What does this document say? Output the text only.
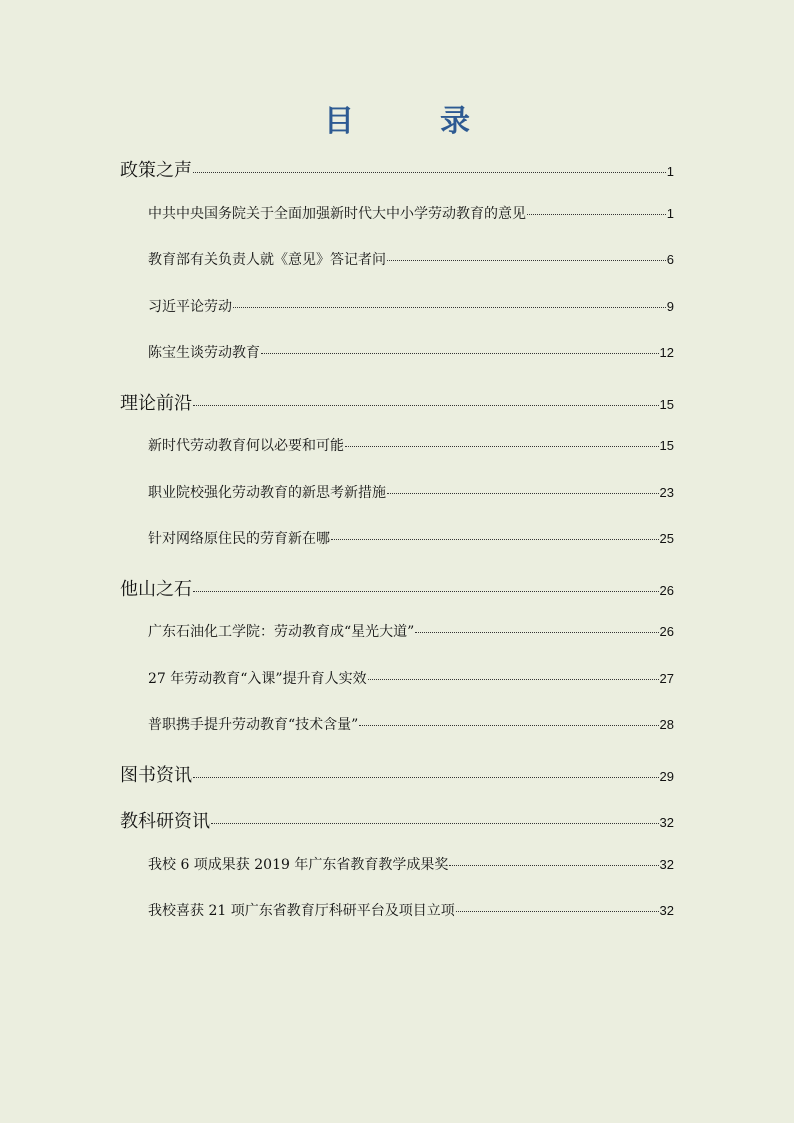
目　录
政策之声	1
中共中央国务院关于全面加强新时代大中小学劳动教育的意见	1
教育部有关负责人就《意见》答记者问	6
习近平论劳动	9
陈宝生谈劳动教育	12
理论前沿	15
新时代劳动教育何以必要和可能	15
职业院校强化劳动教育的新思考新措施	23
针对网络原住民的劳育新在哪	25
他山之石	26
广东石油化工学院：劳动教育成“星光大道”	26
27 年劳动教育“入课”提升育人实效	27
普职携手提升劳动教育“技术含量”	28
图书资讯	29
教科研资讯	32
我校 6 项成果获 2019 年广东省教育教学成果奖	32
我校喜获 21 项广东省教育厅科研平台及项目立项	32
